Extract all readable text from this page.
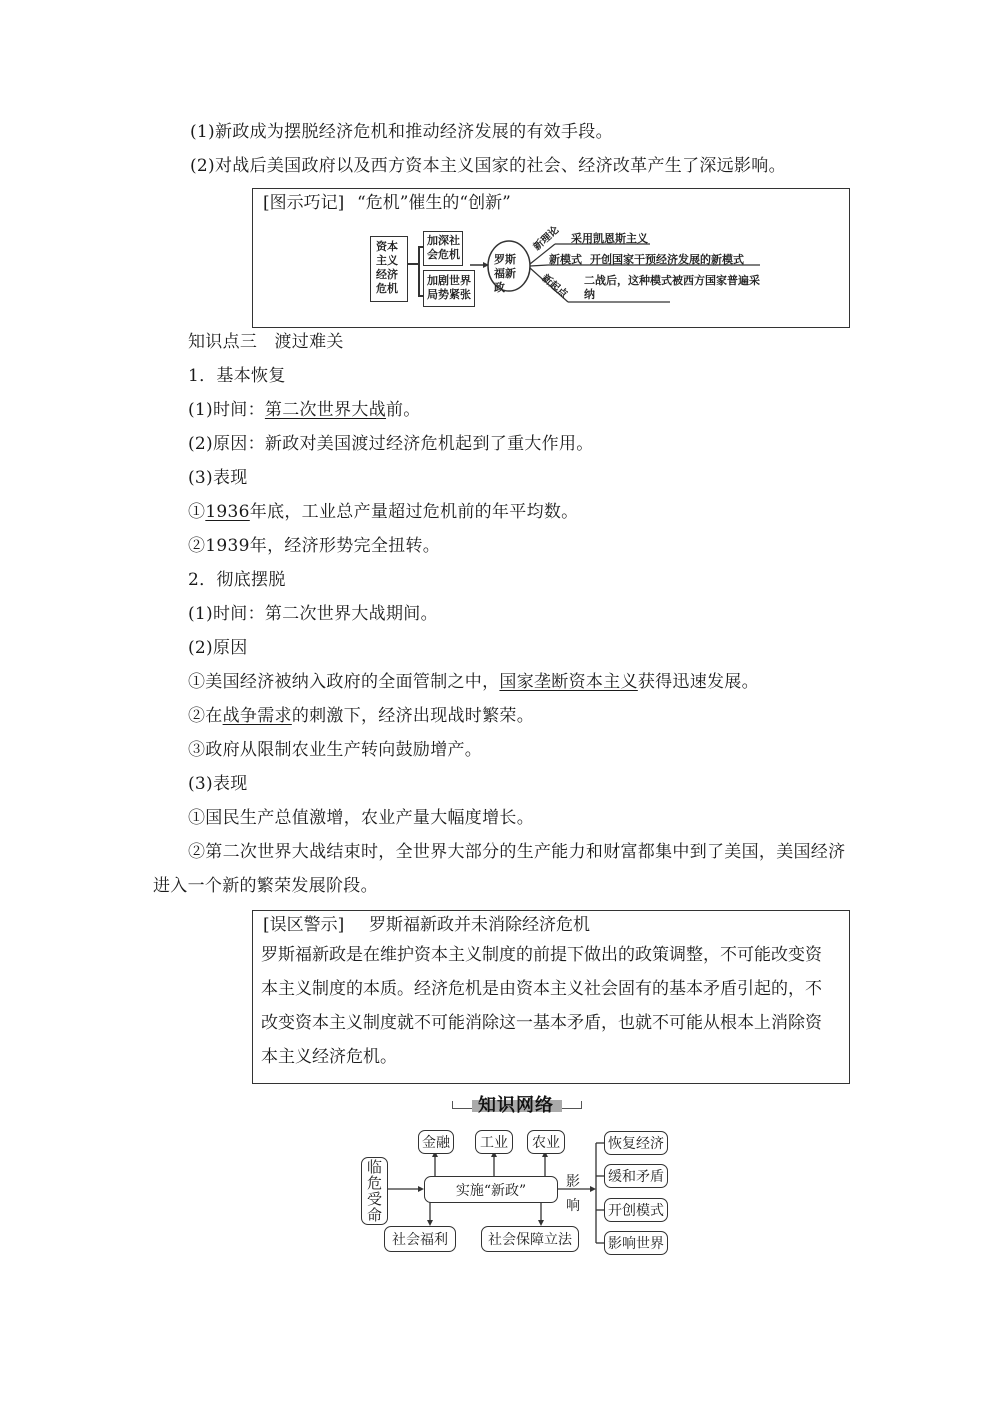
(1)新政成为摆脱经济危机和推动经济发展的有效手段。
(2)对战后美国政府以及西方资本主义国家的社会、经济改革产生了深远影响。
[图示巧记] “危机”催生的“创新”
资本主义经济危机
加深社会危机
加剧世界局势紧张
罗斯福新政
新理论 采用凯恩斯主义
新模式 开创国家干预经济发展的新模式
新起点 二战后，这种模式被西方国家普遍采纳
知识点三　渡过难关
1．基本恢复
(1)时间：第二次世界大战前。
(2)原因：新政对美国渡过经济危机起到了重大作用。
(3)表现
①1936年底，工业总产量超过危机前的年平均数。
②1939年，经济形势完全扭转。
2．彻底摆脱
(1)时间：第二次世界大战期间。
(2)原因
①美国经济被纳入政府的全面管制之中，国家垄断资本主义获得迅速发展。
②在战争需求的刺激下，经济出现战时繁荣。
③政府从限制农业生产转向鼓励增产。
(3)表现
①国民生产总值激增，农业产量大幅度增长。
②第二次世界大战结束时，全世界大部分的生产能力和财富都集中到了美国，美国经济
进入一个新的繁荣发展阶段。
[误区警示] 罗斯福新政并未消除经济危机
罗斯福新政是在维护资本主义制度的前提下做出的政策调整，不可能改变资
本主义制度的本质。经济危机是由资本主义社会固有的基本矛盾引起的，不
改变资本主义制度就不可能消除这一基本矛盾，也就不可能从根本上消除资
本主义经济危机。
知识网络
临危受命
实施“新政”
金融 工业 农业
社会福利	社会保障立法
影响
恢复经济
缓和矛盾
开创模式
影响世界
